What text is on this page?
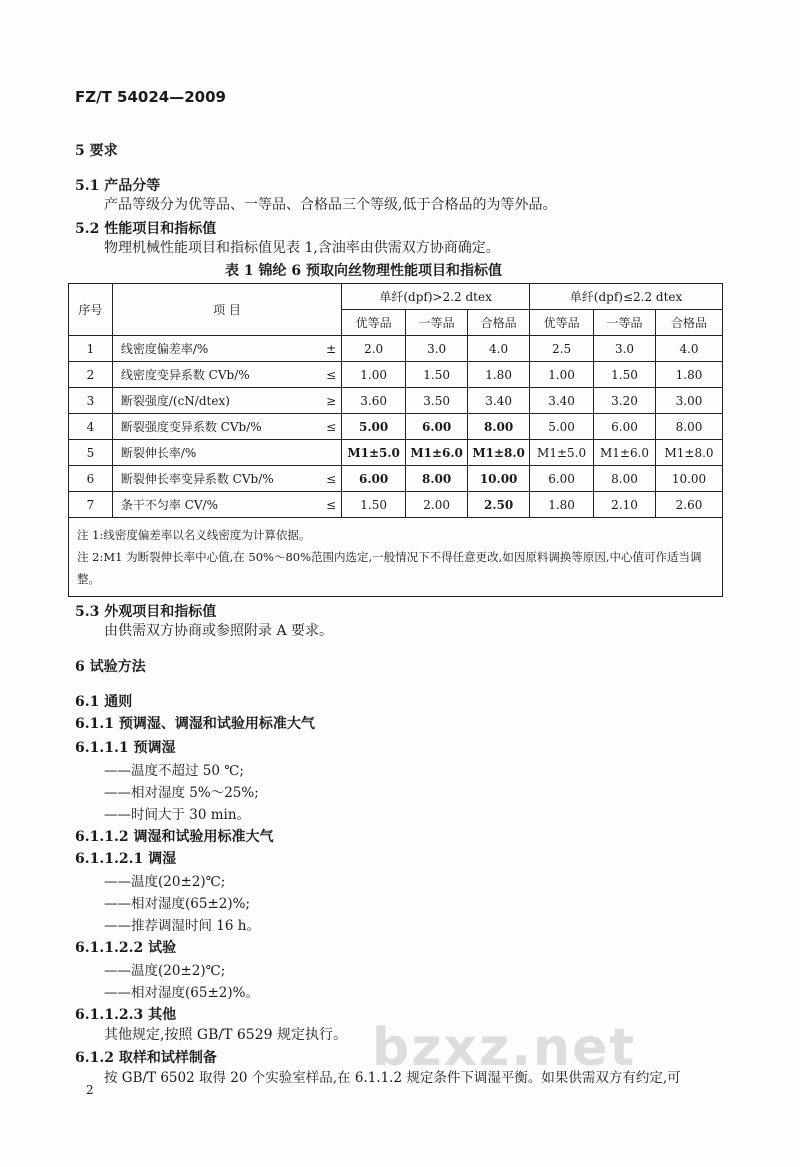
FZ/T 54024—2009
5 要求
5.1 产品分等
产品等级分为优等品、一等品、合格品三个等级,低于合格品的为等外品。
5.2 性能项目和指标值
物理机械性能项目和指标值见表 1,含油率由供需双方协商确定。
表 1 锦纶 6 预取向丝物理性能项目和指标值
序号	项 目		单纤(dpf)>2.2 dtex			单纤(dpf)≤2.2 dtex		
			优等品	一等品	合格品	优等品	一等品	合格品
1	线密度偏差率/%	±	2.0	3.0	4.0	2.5	3.0	4.0
2	线密度变异系数 CVb/%	≤	1.00	1.50	1.80	1.00	1.50	1.80
3	断裂强度/(cN/dtex)	≥	3.60	3.50	3.40	3.40	3.20	3.00
4	断裂强度变异系数 CVb/%	≤	5.00	6.00	8.00	5.00	6.00	8.00
5	断裂伸长率/%		M1±5.0	M1±6.0	M1±8.0	M1±5.0	M1±6.0	M1±8.0
6	断裂伸长率变异系数 CVb/%	≤	6.00	8.00	10.00	6.00	8.00	10.00
7	条干不匀率 CV/%	≤	1.50	2.00	2.50	1.80	2.10	2.60

注 1:线密度偏差率以名义线密度为计算依据。
注 2:M1 为断裂伸长率中心值,在 50%～80%范围内选定,一般情况下不得任意更改,如因原料调换等原因,中心值可作适当调整。								
5.3 外观项目和指标值
由供需双方协商或参照附录 A 要求。
6 试验方法
6.1 通则
6.1.1 预调湿、调湿和试验用标准大气
6.1.1.1 预调湿
——温度不超过 50 ℃;
——相对湿度 5%～25%;
——时间大于 30 min。
6.1.1.2 调湿和试验用标准大气
6.1.1.2.1 调湿
——温度(20±2)℃;
——相对湿度(65±2)%;
——推荐调湿时间 16 h。
6.1.1.2.2 试验
——温度(20±2)℃;
——相对湿度(65±2)%。
6.1.1.2.3 其他
其他规定,按照 GB/T 6529 规定执行。
6.1.2 取样和试样制备
按 GB/T 6502 取得 20 个实验室样品,在 6.1.1.2 规定条件下调湿平衡。如果供需双方有约定,可
bzxz.net
2
